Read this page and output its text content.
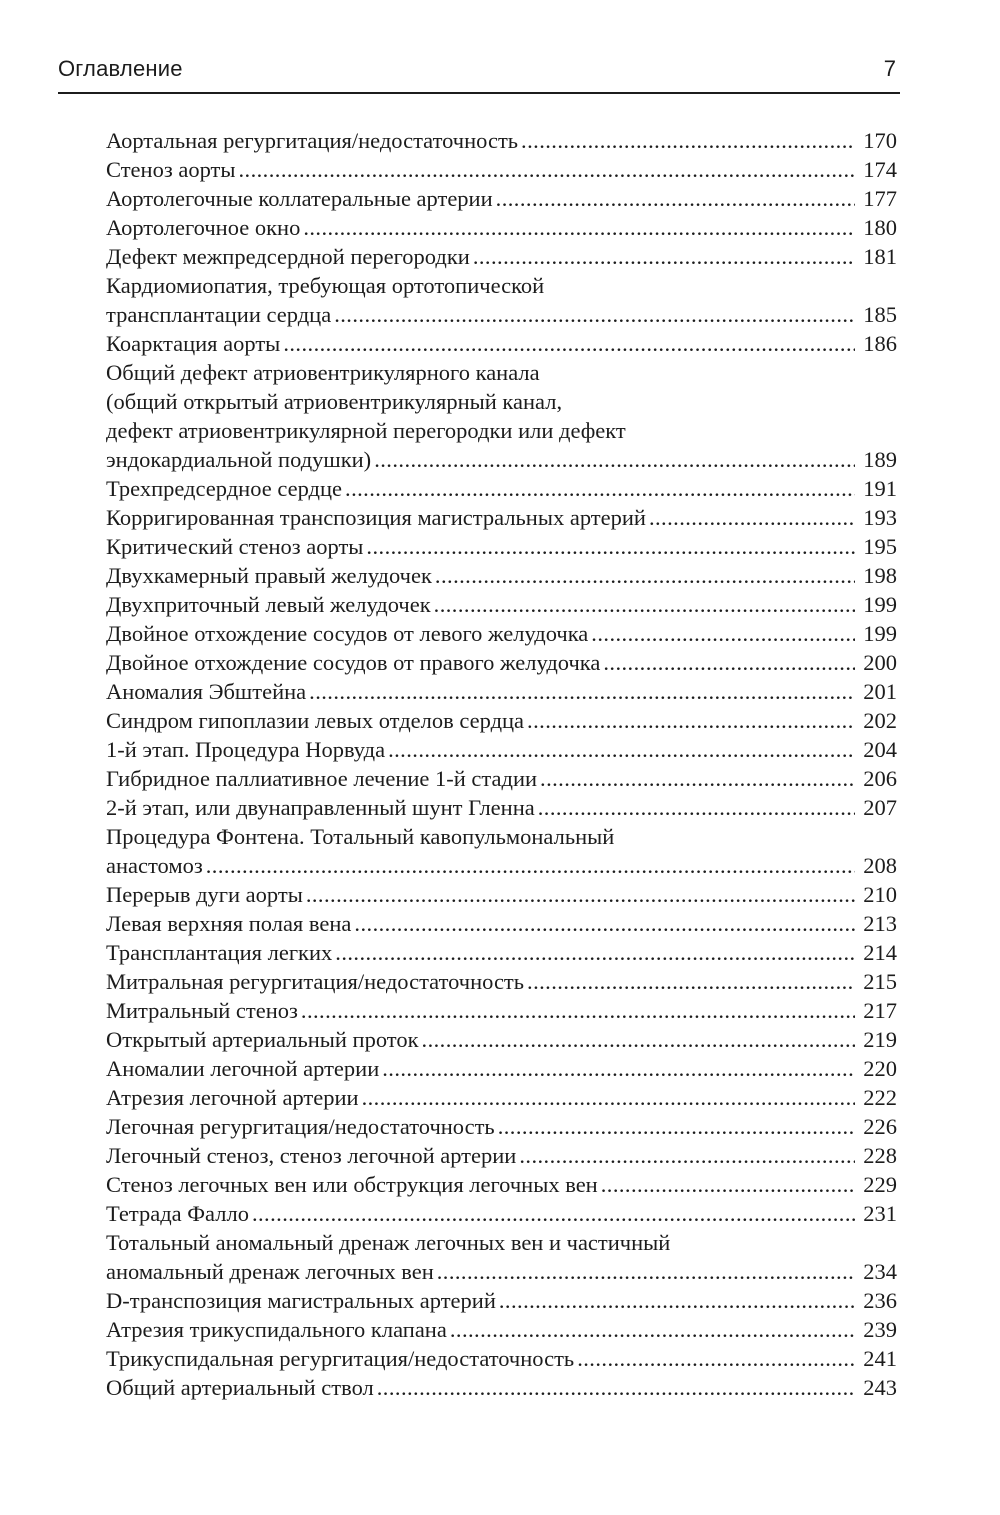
Оглавление	7
Аортальная регургитация/недостаточность . . .	170
Стеноз аорты . . .	174
Аортолегочные коллатеральные артерии . . .	177
Аортолегочное окно . . .	180
Дефект межпредсердной перегородки . . .	181
Кардиомиопатия, требующая ортотопической
трансплантации сердца . . .	185
Коарктация аорты . . .	186
Общий дефект атриовентрикулярного канала
(общий открытый атриовентрикулярный канал,
дефект атриовентрикулярной перегородки или дефект
эндокардиальной подушки) . . .	189
Трехпредсердное сердце . . .	191
Корригированная транспозиция магистральных артерий . . .	193
Критический стеноз аорты . . .	195
Двухкамерный правый желудочек . . .	198
Двухприточный левый желудочек . . .	199
Двойное отхождение сосудов от левого желудочка . . .	199
Двойное отхождение сосудов от правого желудочка . . .	200
Аномалия Эбштейна . . .	201
Синдром гипоплазии левых отделов сердца . . .	202
1-й этап. Процедура Норвуда . . .	204
Гибридное паллиативное лечение 1-й стадии . . .	206
2-й этап, или двунаправленный шунт Гленна . . .	207
Процедура Фонтена. Тотальный кавопульмональный
анастомоз . . .	208
Перерыв дуги аорты . . .	210
Левая верхняя полая вена . . .	213
Трансплантация легких . . .	214
Митральная регургитация/недостаточность . . .	215
Митральный стеноз . . .	217
Открытый артериальный проток . . .	219
Аномалии легочной артерии . . .	220
Атрезия легочной артерии . . .	222
Легочная регургитация/недостаточность . . .	226
Легочный стеноз, стеноз легочной артерии . . .	228
Стеноз легочных вен или обструкция легочных вен . . .	229
Тетрада Фалло . . .	231
Тотальный аномальный дренаж легочных вен и частичный
аномальный дренаж легочных вен . . .	234
D-транспозиция магистральных артерий . . .	236
Атрезия трикуспидального клапана . . .	239
Трикуспидальная регургитация/недостаточность . . .	241
Общий артериальный ствол . . .	243
